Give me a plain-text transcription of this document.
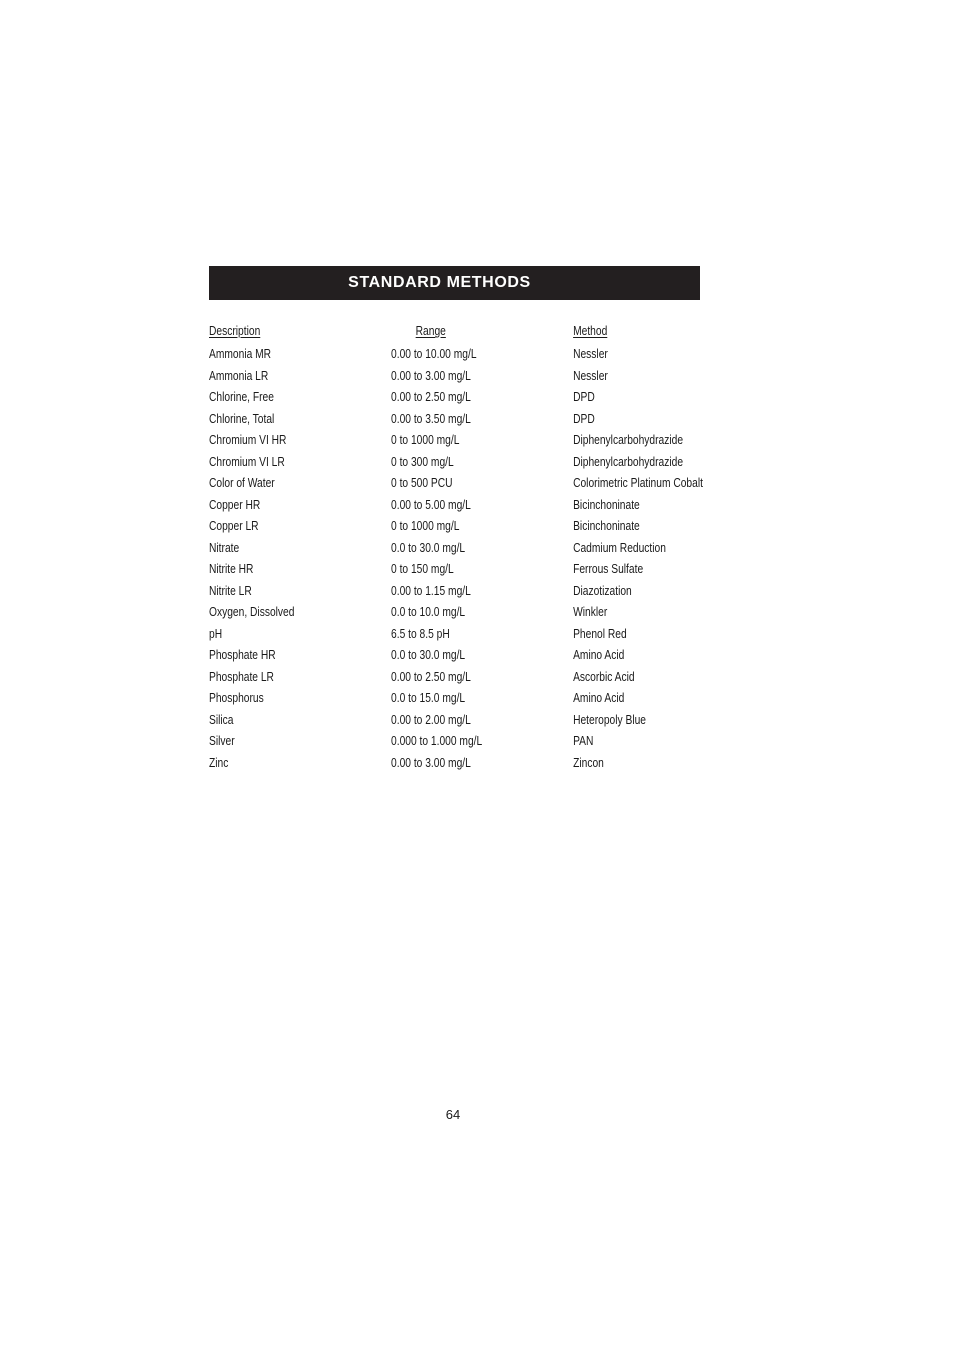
STANDARD METHODS
Description	Range	Method
Ammonia MR	0.00 to 10.00 mg/L	Nessler
Ammonia LR	0.00 to 3.00 mg/L	Nessler
Chlorine, Free	0.00 to 2.50 mg/L	DPD
Chlorine, Total	0.00 to 3.50 mg/L	DPD
Chromium VI HR	0 to 1000 mg/L	Diphenylcarbohydrazide
Chromium VI LR	0 to 300 mg/L	Diphenylcarbohydrazide
Color of Water	0 to 500 PCU	Colorimetric Platinum Cobalt
Copper HR	0.00 to 5.00 mg/L	Bicinchoninate
Copper LR	0 to 1000 mg/L	Bicinchoninate
Nitrate	0.0 to 30.0 mg/L	Cadmium Reduction
Nitrite HR	0 to 150 mg/L	Ferrous Sulfate
Nitrite LR	0.00 to 1.15 mg/L	Diazotization
Oxygen, Dissolved	0.0 to 10.0 mg/L	Winkler
pH	6.5 to 8.5 pH	Phenol Red
Phosphate HR	0.0 to 30.0 mg/L	Amino Acid
Phosphate LR	0.00 to 2.50 mg/L	Ascorbic Acid
Phosphorus	0.0 to 15.0 mg/L	Amino Acid
Silica	0.00 to 2.00 mg/L	Heteropoly Blue
Silver	0.000 to 1.000 mg/L	PAN
Zinc	0.00 to 3.00 mg/L	Zincon
64
